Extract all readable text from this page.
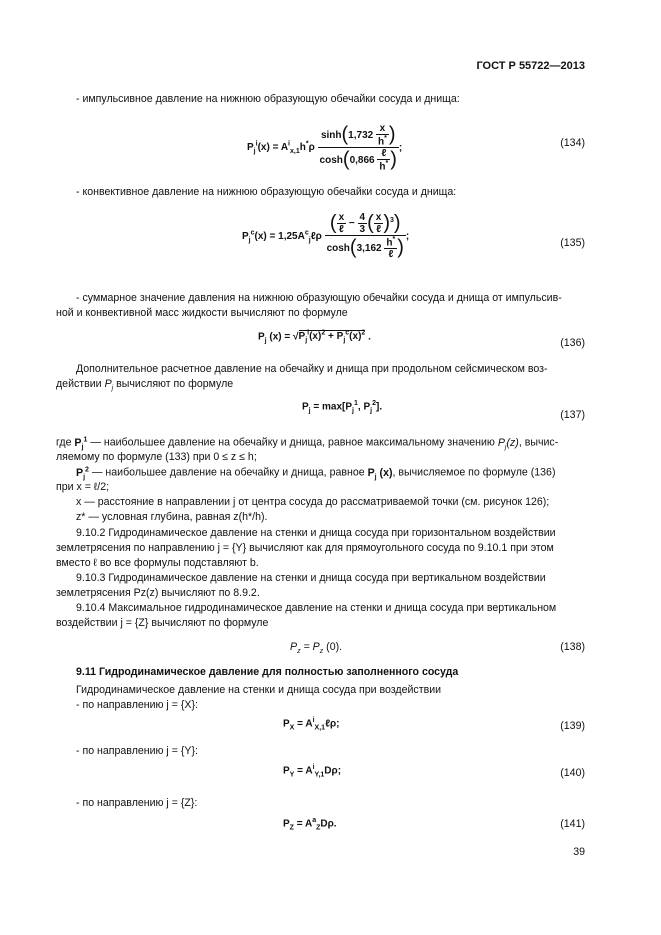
ГОСТ Р 55722—2013
- импульсивное давление на нижнюю образующую обечайки сосуда и днища:
$P_j^i(x) = A^i_{x,1}h^*\rho \frac{\sinh(1,732 \frac{x}{h^*} )}{\cosh(0,866 \frac{\text{ℓ}}{h^*} )}$ ;	(134)
- конвективное давление на нижнюю образующую обечайки сосуда и днища:
$P_j^c(x)$ = $1,25A^c_j\ell\rho \frac{( \frac{x}{\text{ℓ}} - \frac{4}{3} ( \frac{x}{\text{ℓ}} )^3)}{\cosh(3,162 \frac{h^*}{\text{ℓ}} )}$ ;
(135)
- суммарное значение давления на нижнюю образующую обечайки сосуда и днища от импульсив-
ной и конвективной масс жидкости вычисляют по формуле
$P_j$ $(x) = √P_j^i(x)^2 + P_j^c(x)^2$ .
(136)
Дополнительное расчетное давление на обечайку и днища при продольном сейсмическом воз-
действии $P_j$ вычисляют по формуле
$P_j = \max[P_j^1$, $P_j^2$].
(137)
где $P_j^1$ — наибольшее давление на обечайку и днища, равное максимальному значению $P_j(z)$, вычис-
ляемому по формуле (133) при 0 ≤ z ≤ h;
$P_j^2$ — наибольшее давление на обечайку и днища, равное $P_j$ (x), вычисляемое по формуле (136)
при x = ℓ/2;
x — расстояние в направлении j от центра сосуда до рассматриваемой точки (см. рисунок 126);
z* — условная глубина, равная z(h*/h).
9.10.2 Гидродинамическое давление на стенки и днища сосуда при горизонтальном воздействии
землетрясения по направлению j = {Y} вычисляют как для прямоугольного сосуда по 9.10.1 при этом
вместо ℓ во все формулы подставляют b.
9.10.3 Гидродинамическое давление на стенки и днища сосуда при вертикальном воздействии
землетрясения Pz(z) вычисляют по 8.9.2.
9.10.4 Максимальное гидродинамическое давление на стенки и днища сосуда при вертикальном
воздействии j = {Z} вычисляют по формуле
$P_z = P_z$ (0).	(138)
9.11 Гидродинамическое давление для полностью заполненного сосуда
Гидродинамическое давление на стенки и днища сосуда при воздействии
- по направлению j = {X}:
$P_X$ = $A^i_{X,1}\ell\rho$;	(139)
- по направлению j = {Y}:
$P_Y = A^i_{Y,1}D\rho$;	(140)
- по направлению j = {Z}:
$P_Z = A^a_ZD\rho$.	(141)
39
